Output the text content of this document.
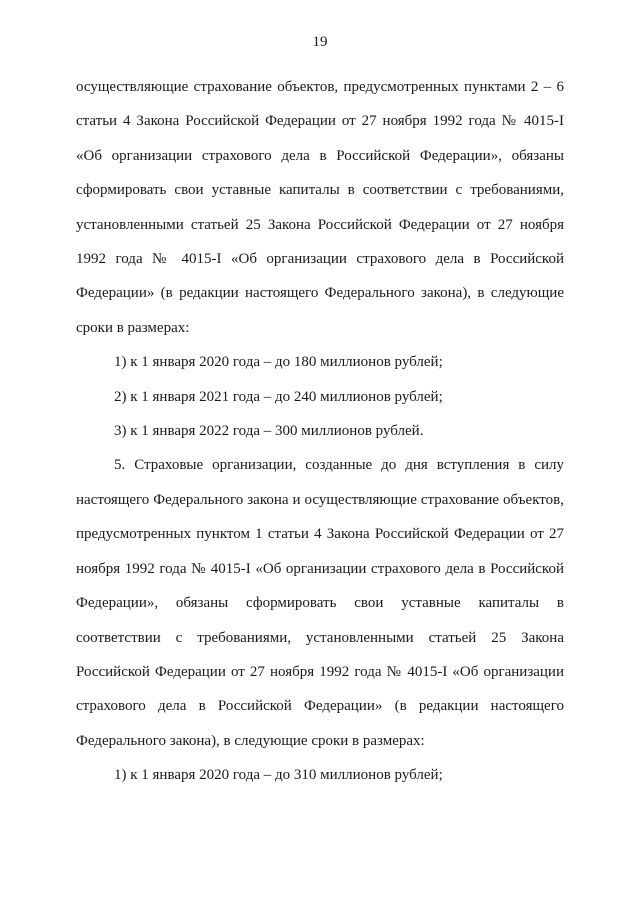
19

осуществляющие страхование объектов, предусмотренных пунктами 2 – 6 статьи 4 Закона Российской Федерации от 27 ноября 1992 года № 4015-I «Об организации страхового дела в Российской Федерации», обязаны сформировать свои уставные капиталы в соответствии с требованиями, установленными статьей 25 Закона Российской Федерации от 27 ноября 1992 года № 4015-I «Об организации страхового дела в Российской Федерации» (в редакции настоящего Федерального закона), в следующие сроки в размерах:

1) к 1 января 2020 года – до 180 миллионов рублей;

2) к 1 января 2021 года – до 240 миллионов рублей;

3) к 1 января 2022 года – 300 миллионов рублей.

5. Страховые организации, созданные до дня вступления в силу настоящего Федерального закона и осуществляющие страхование объектов, предусмотренных пунктом 1 статьи 4 Закона Российской Федерации от 27 ноября 1992 года № 4015-I «Об организации страхового дела в Российской Федерации», обязаны сформировать свои уставные капиталы в соответствии с требованиями, установленными статьей 25 Закона Российской Федерации от 27 ноября 1992 года № 4015-I «Об организации страхового дела в Российской Федерации» (в редакции настоящего Федерального закона), в следующие сроки в размерах:

1) к 1 января 2020 года – до 310 миллионов рублей;
